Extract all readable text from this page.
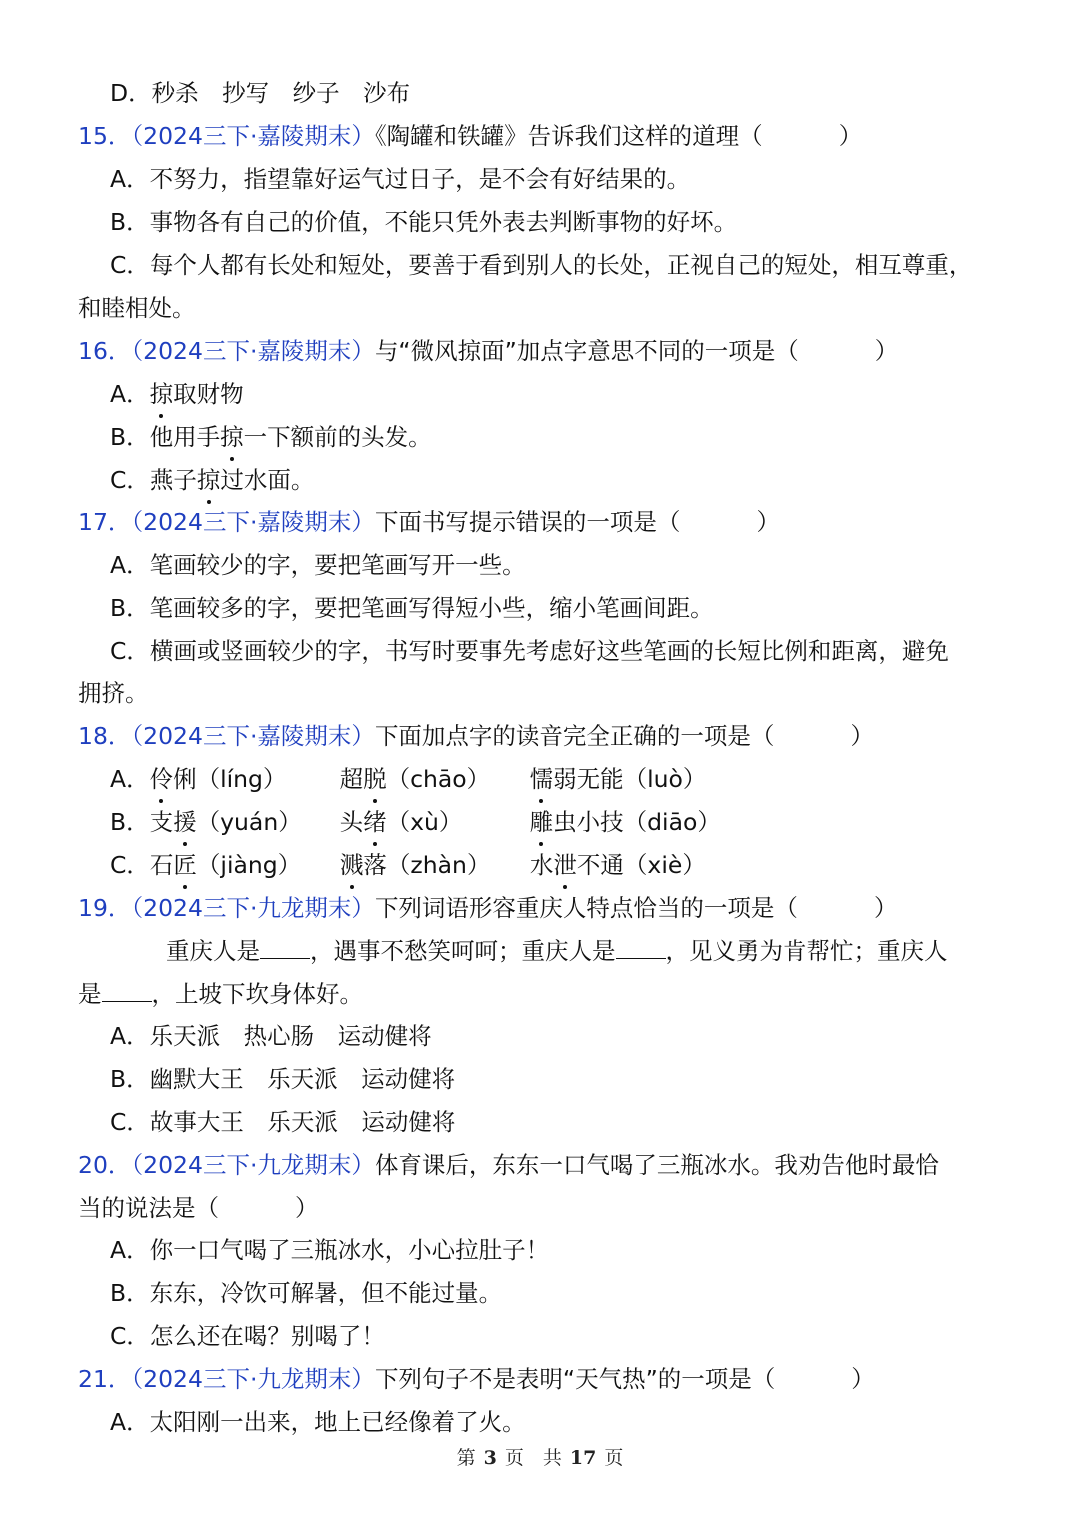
D．秒杀　抄写　纱子　沙布
15．（2024三下·嘉陵期末）《陶罐和铁罐》告诉我们这样的道理（	）
A．不努力，指望靠好运气过日子，是不会有好结果的。
B．事物各有自己的价值，不能只凭外表去判断事物的好坏。
C．每个人都有长处和短处，要善于看到别人的长处，正视自己的短处，相互尊重，
和睦相处。
16．（2024三下·嘉陵期末）与“微风掠面”加点字意思不同的一项是（	）
A．掠取财物
B．他用手掠一下额前的头发。
C．燕子掠过水面。
17．（2024三下·嘉陵期末）下面书写提示错误的一项是（	）
A．笔画较少的字，要把笔画写开一些。
B．笔画较多的字，要把笔画写得短小些，缩小笔画间距。
C．横画或竖画较少的字，书写时要事先考虑好这些笔画的长短比例和距离，避免
拥挤。
18．（2024三下·嘉陵期末）下面加点字的读音完全正确的一项是（	）
A．伶俐（líng） 超脱（chāo） 懦弱无能（luò）
B．支援（yuán） 头绪（xù）	雕虫小技（diāo）
C．石匠（jiàng） 溅落（zhàn） 水泄不通（xiè）
19．（2024三下·九龙期末）下列词语形容重庆人特点恰当的一项是（	）
重庆人是 ，遇事不愁笑呵呵；重庆人是 ，见义勇为肯帮忙；重庆人
是 ，上坡下坎身体好。
A．乐天派　热心肠　运动健将
B．幽默大王　乐天派　运动健将
C．故事大王　乐天派　运动健将
20．（2024三下·九龙期末）体育课后，东东一口气喝了三瓶冰水。我劝告他时最恰
当的说法是（	）
A．你一口气喝了三瓶冰水，小心拉肚子！
B．东东，冷饮可解暑，但不能过量。
C．怎么还在喝？别喝了！
21．（2024三下·九龙期末）下列句子不是表明“天气热”的一项是（	）
A．太阳刚一出来，地上已经像着了火。
第 3 页　共 17 页
